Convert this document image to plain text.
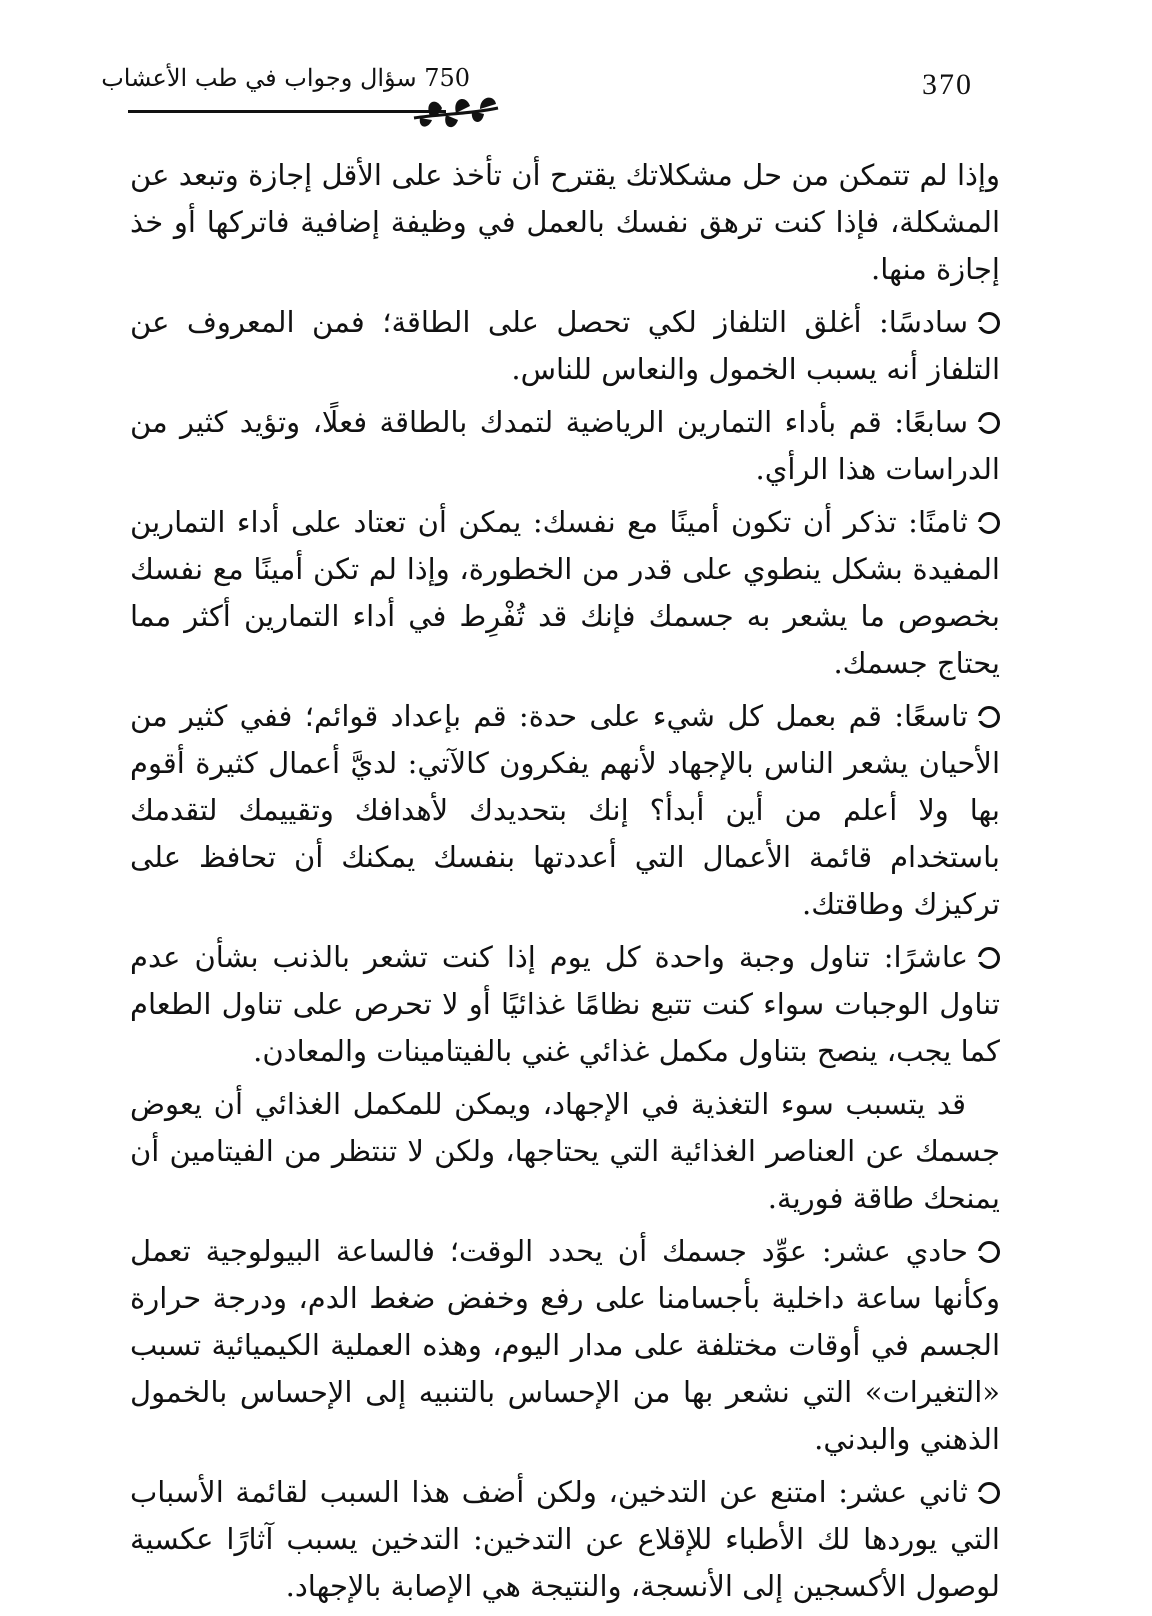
370
750 سؤال وجواب في طب الأعشاب

وإذا لم تتمكن من حل مشكلاتك يقترح أن تأخذ على الأقل إجازة وتبعد عن المشكلة، فإذا كنت ترهق نفسك بالعمل في وظيفة إضافية فاتركها أو خذ إجازة منها.

سادسًا: أغلق التلفاز لكي تحصل على الطاقة؛ فمن المعروف عن التلفاز أنه يسبب الخمول والنعاس للناس.

سابعًا: قم بأداء التمارين الرياضية لتمدك بالطاقة فعلًا، وتؤيد كثير من الدراسات هذا الرأي.

ثامنًا: تذكر أن تكون أمينًا مع نفسك: يمكن أن تعتاد على أداء التمارين المفيدة بشكل ينطوي على قدر من الخطورة، وإذا لم تكن أمينًا مع نفسك بخصوص ما يشعر به جسمك فإنك قد تُفْرِط في أداء التمارين أكثر مما يحتاج جسمك.

تاسعًا: قم بعمل كل شيء على حدة: قم بإعداد قوائم؛ ففي كثير من الأحيان يشعر الناس بالإجهاد لأنهم يفكرون كالآتي: لديَّ أعمال كثيرة أقوم بها ولا أعلم من أين أبدأ؟ إنك بتحديدك لأهدافك وتقييمك لتقدمك باستخدام قائمة الأعمال التي أعددتها بنفسك يمكنك أن تحافظ على تركيزك وطاقتك.

عاشرًا: تناول وجبة واحدة كل يوم إذا كنت تشعر بالذنب بشأن عدم تناول الوجبات سواء كنت تتبع نظامًا غذائيًا أو لا تحرص على تناول الطعام كما يجب، ينصح بتناول مكمل غذائي غني بالفيتامينات والمعادن.

قد يتسبب سوء التغذية في الإجهاد، ويمكن للمكمل الغذائي أن يعوض جسمك عن العناصر الغذائية التي يحتاجها، ولكن لا تنتظر من الفيتامين أن يمنحك طاقة فورية.

حادي عشر: عوِّد جسمك أن يحدد الوقت؛ فالساعة البيولوجية تعمل وكأنها ساعة داخلية بأجسامنا على رفع وخفض ضغط الدم، ودرجة حرارة الجسم في أوقات مختلفة على مدار اليوم، وهذه العملية الكيميائية تسبب «التغيرات» التي نشعر بها من الإحساس بالتنبيه إلى الإحساس بالخمول الذهني والبدني.

ثاني عشر: امتنع عن التدخين، ولكن أضف هذا السبب لقائمة الأسباب التي يوردها لك الأطباء للإقلاع عن التدخين: التدخين يسبب آثارًا عكسية لوصول الأكسجين إلى الأنسجة، والنتيجة هي الإصابة بالإجهاد.
